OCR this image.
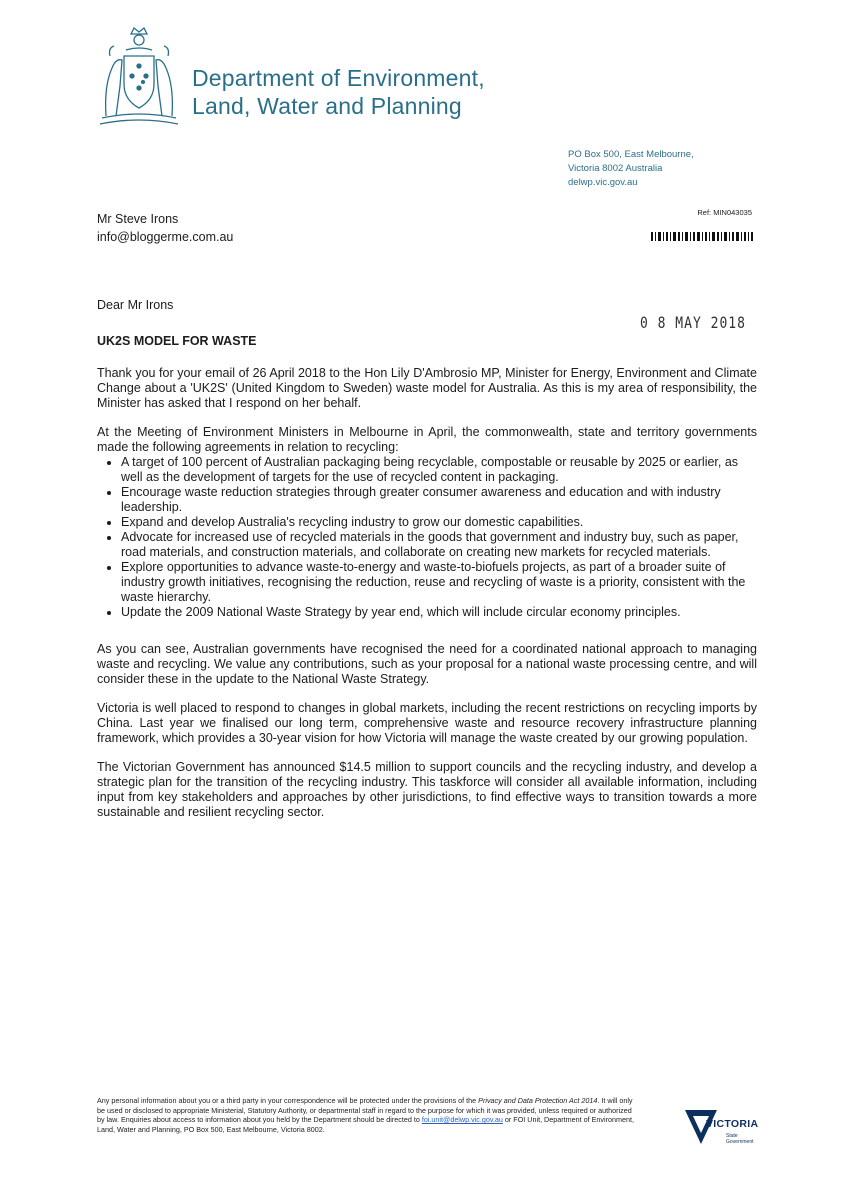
Department of Environment,
Land, Water and Planning
PO Box 500, East Melbourne,
Victoria 8002 Australia
delwp.vic.gov.au
Mr Steve Irons
info@bloggerme.com.au
Ref: MIN043035
Dear Mr Irons
0 8 MAY 2018
UK2S MODEL FOR WASTE

Thank you for your email of 26 April 2018 to the Hon Lily D'Ambrosio MP, Minister for Energy, Environment and Climate Change about a 'UK2S' (United Kingdom to Sweden) waste model for Australia. As this is my area of responsibility, the Minister has asked that I respond on her behalf.

At the Meeting of Environment Ministers in Melbourne in April, the commonwealth, state and territory governments made the following agreements in relation to recycling:

• A target of 100 percent of Australian packaging being recyclable, compostable or reusable by 2025 or earlier, as well as the development of targets for the use of recycled content in packaging.
• Encourage waste reduction strategies through greater consumer awareness and education and with industry leadership.
• Expand and develop Australia's recycling industry to grow our domestic capabilities.
• Advocate for increased use of recycled materials in the goods that government and industry buy, such as paper, road materials, and construction materials, and collaborate on creating new markets for recycled materials.
• Explore opportunities to advance waste-to-energy and waste-to-biofuels projects, as part of a broader suite of industry growth initiatives, recognising the reduction, reuse and recycling of waste is a priority, consistent with the waste hierarchy.
• Update the 2009 National Waste Strategy by year end, which will include circular economy principles.

As you can see, Australian governments have recognised the need for a coordinated national approach to managing waste and recycling. We value any contributions, such as your proposal for a national waste processing centre, and will consider these in the update to the National Waste Strategy.

Victoria is well placed to respond to changes in global markets, including the recent restrictions on recycling imports by China. Last year we finalised our long term, comprehensive waste and resource recovery infrastructure planning framework, which provides a 30-year vision for how Victoria will manage the waste created by our growing population.

The Victorian Government has announced $14.5 million to support councils and the recycling industry, and develop a strategic plan for the transition of the recycling industry. This taskforce will consider all available information, including input from key stakeholders and approaches by other jurisdictions, to find effective ways to transition towards a more sustainable and resilient recycling sector.

Any personal information about you or a third party in your correspondence will be protected under the provisions of the Privacy and Data Protection Act 2014. It will only be used or disclosed to appropriate Ministerial, Statutory Authority, or departmental staff in regard to the purpose for which it was provided, unless required or authorized by law. Enquiries about access to information about you held by the Department should be directed to foi.unit@delwp.vic.gov.au or FOI Unit, Department of Environment, Land, Water and Planning, PO Box 500, East Melbourne, Victoria 8002.	VICTORIA
State
Government
